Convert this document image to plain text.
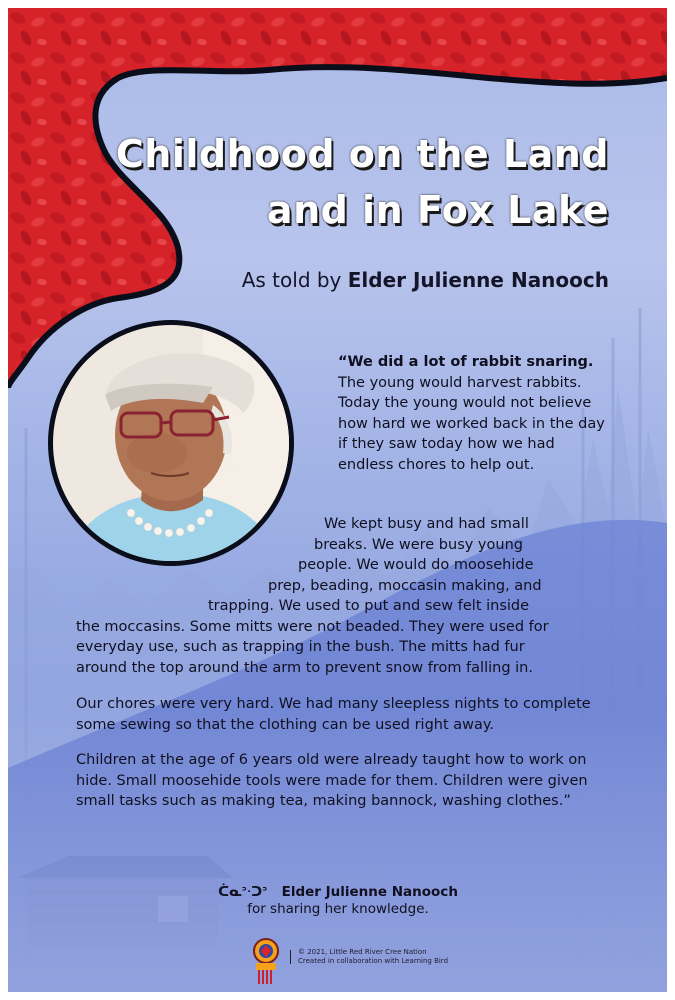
Childhood on the Land
and in Fox Lake
As told by Elder Julienne Nanooch

“We did a lot of rabbit snaring. The young would harvest rabbits. Today the young would not believe how hard we worked back in the day if they saw today how we had endless chores to help out.

We kept busy and had small
breaks. We were busy young
people. We would do moosehide
prep, beading, moccasin making, and
trapping. We used to put and sew felt inside
the moccasins. Some mitts were not beaded. They were used for
everyday use, such as trapping in the bush. The mitts had fur
around the top around the arm to prevent snow from falling in.

Our chores were very hard. We had many sleepless nights to complete some sewing so that the clothing can be used right away.

Children at the age of 6 years old were already taught how to work on hide. Small moosehide tools were made for them. Children were given small tasks such as making tea, making bannock, washing clothes.”

ᑖᓇᐣᐧᑐᐣ Elder Julienne Nanooch
for sharing her knowledge.
© 2021, Little Red River Cree Nation
Created in collaboration with Learning Bird
